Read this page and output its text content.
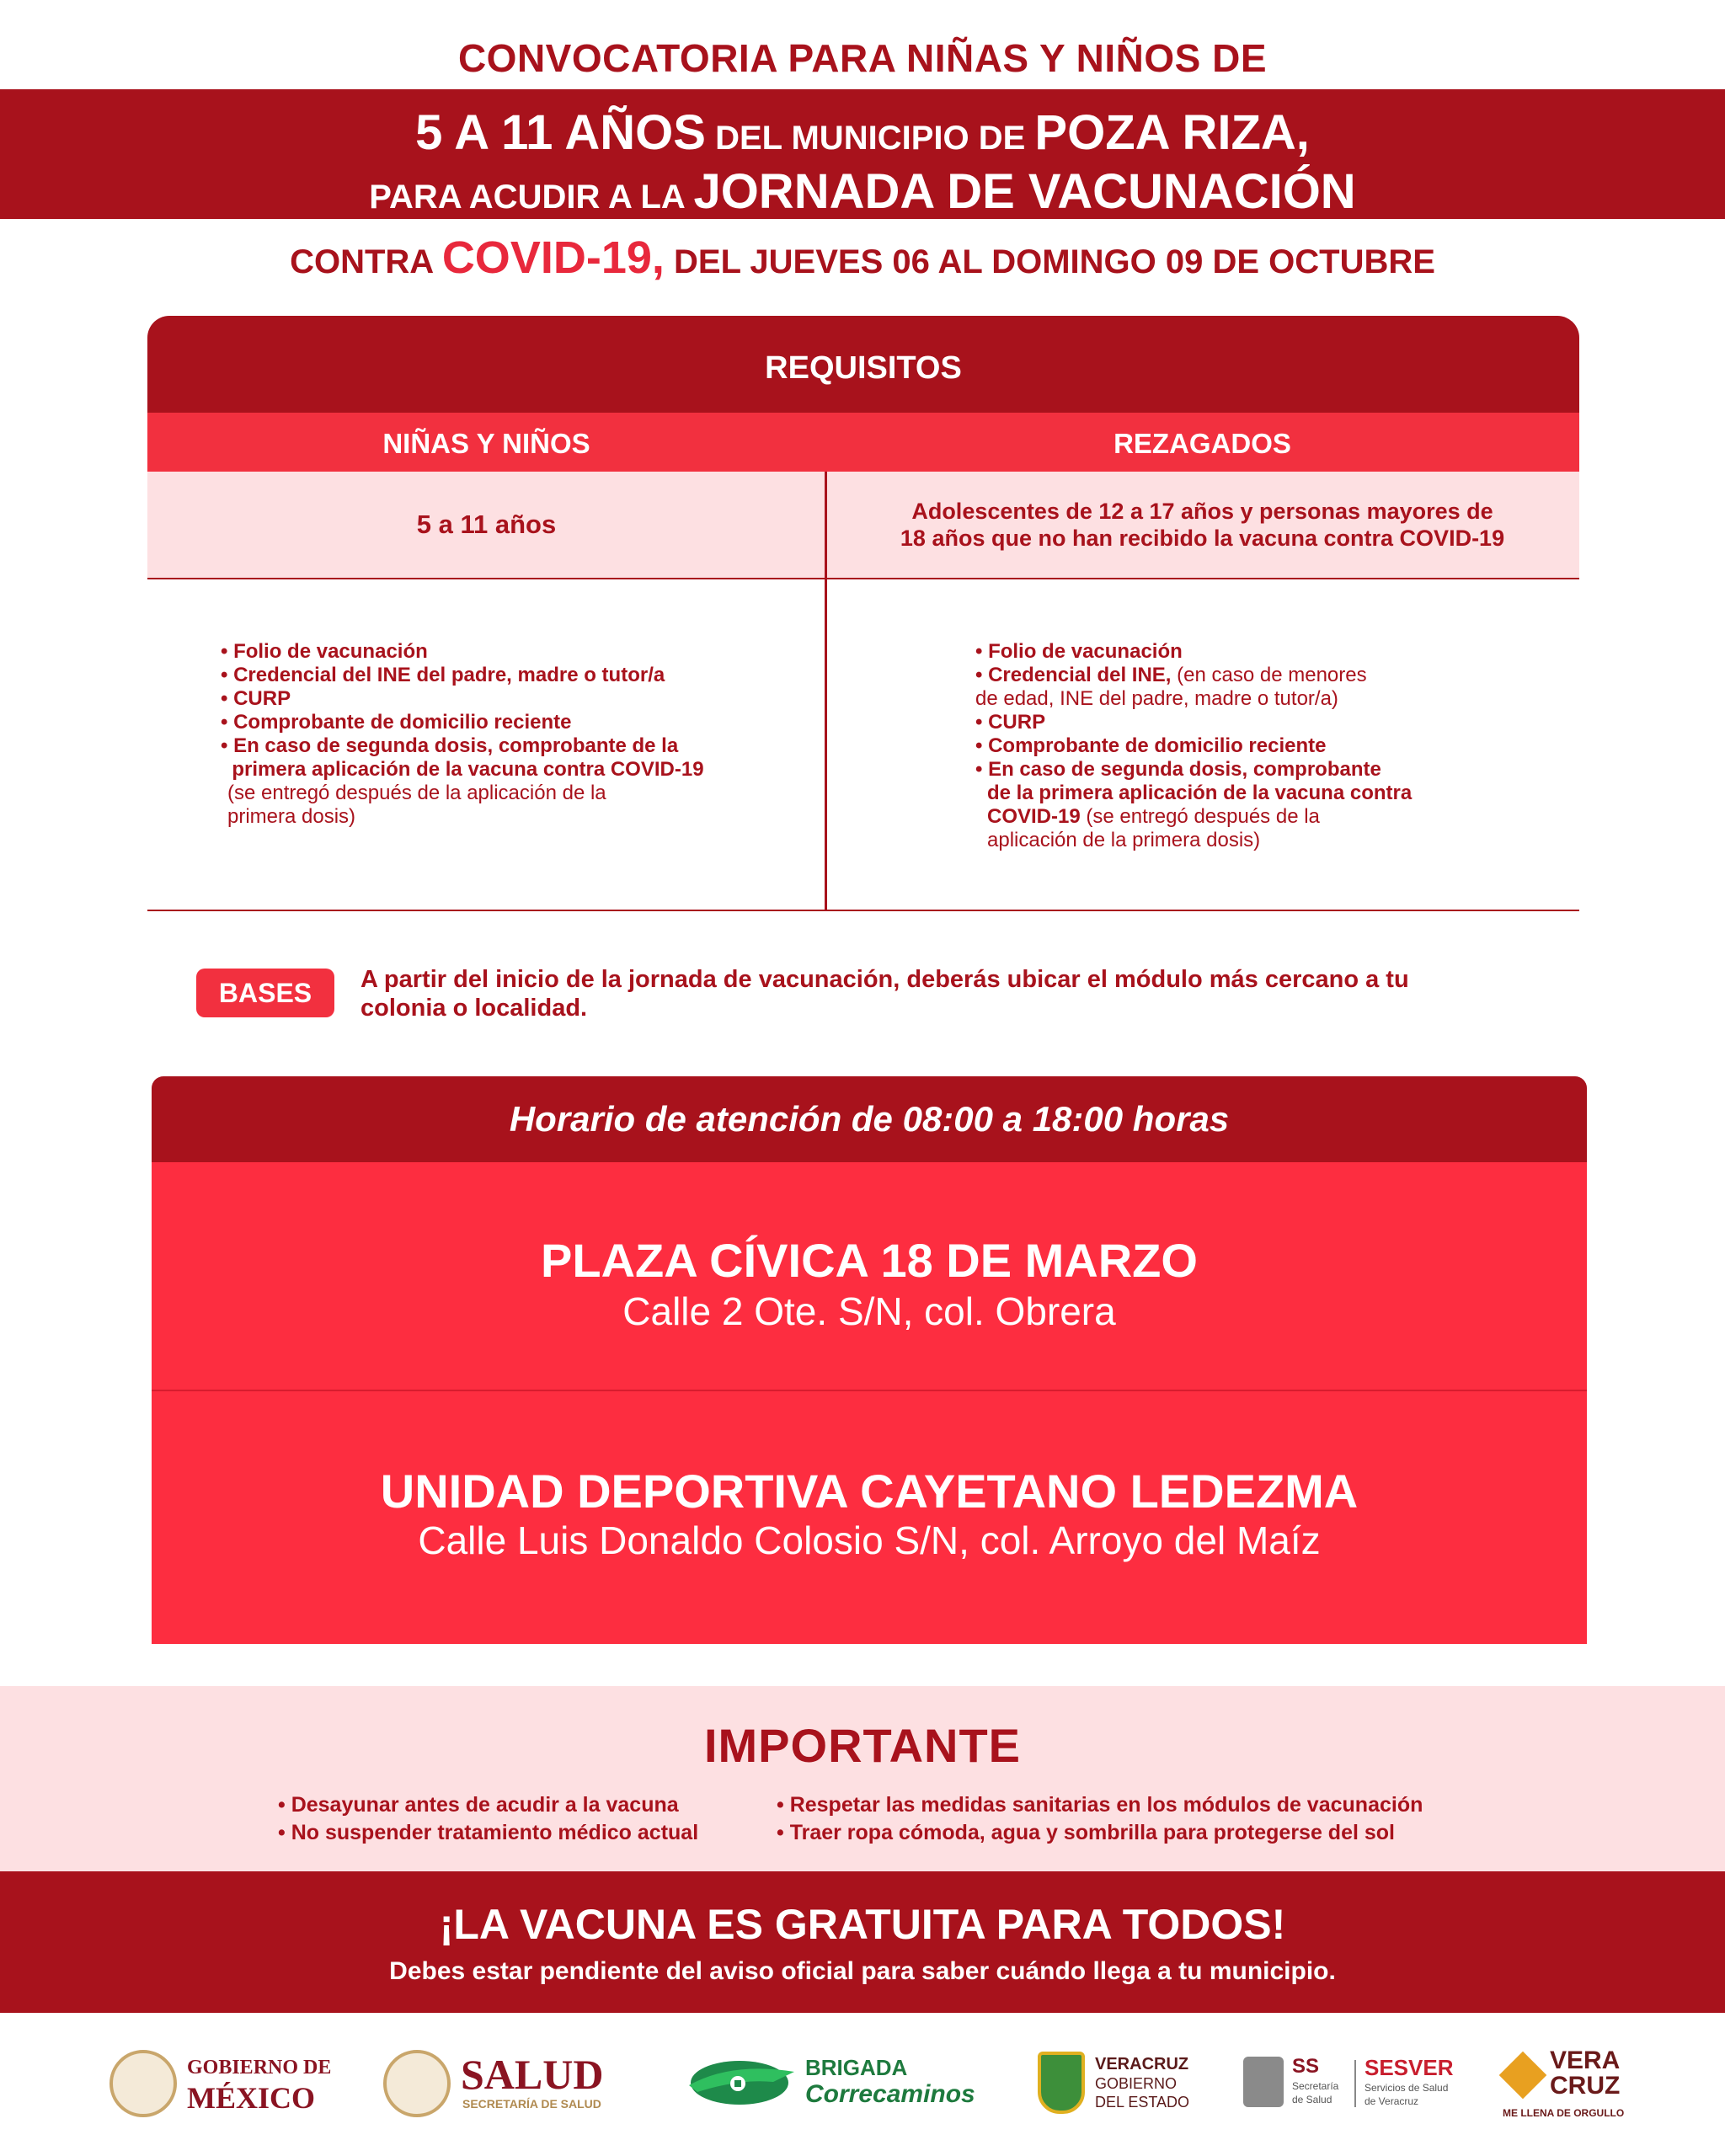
CONVOCATORIA PARA NIÑAS Y NIÑOS DE
5 A 11 AÑOS DEL MUNICIPIO DE POZA RIZA,
PARA ACUDIR A LA JORNADA DE VACUNACIÓN
CONTRA COVID-19, DEL JUEVES 06 AL DOMINGO 09 DE OCTUBRE
REQUISITOS
NIÑAS Y NIÑOS	REZAGADOS
5 a 11 años	Adolescentes de 12 a 17 años y personas mayores de
18 años que no han recibido la vacuna contra COVID-19
• Folio de vacunación
• Credencial del INE del padre, madre o tutor/a
• CURP
• Comprobante de domicilio reciente
• En caso de segunda dosis, comprobante de la
primera aplicación de la vacuna contra COVID-19
(se entregó después de la aplicación de la
primera dosis)
• Folio de vacunación
• Credencial del INE, (en caso de menores
de edad, INE del padre, madre o tutor/a)
• CURP
• Comprobante de domicilio reciente
• En caso de segunda dosis, comprobante
de la primera aplicación de la vacuna contra
COVID-19 (se entregó después de la
aplicación de la primera dosis)
BASES	A partir del inicio de la jornada de vacunación, deberás ubicar el módulo más cercano a tu
colonia o localidad.
Horario de atención de 08:00 a 18:00 horas
PLAZA CÍVICA 18 DE MARZO
Calle 2 Ote. S/N, col. Obrera
UNIDAD DEPORTIVA CAYETANO LEDEZMA
Calle Luis Donaldo Colosio S/N, col. Arroyo del Maíz
IMPORTANTE
• Desayunar antes de acudir a la vacuna
• No suspender tratamiento médico actual
• Respetar las medidas sanitarias en los módulos de vacunación
• Traer ropa cómoda, agua y sombrilla para protegerse del sol
¡LA VACUNA ES GRATUITA PARA TODOS!
Debes estar pendiente del aviso oficial para saber cuándo llega a tu municipio.
GOBIERNO DE
MÉXICO	SALUD
SECRETARÍA DE SALUD
BRIGADA
Correcaminos
VERACRUZ
GOBIERNO
DEL ESTADO
SS
Secretaría
de Salud
SESVER
Servicios de Salud
de Veracruz
VERA
CRUZ
ME LLENA DE ORGULLO
